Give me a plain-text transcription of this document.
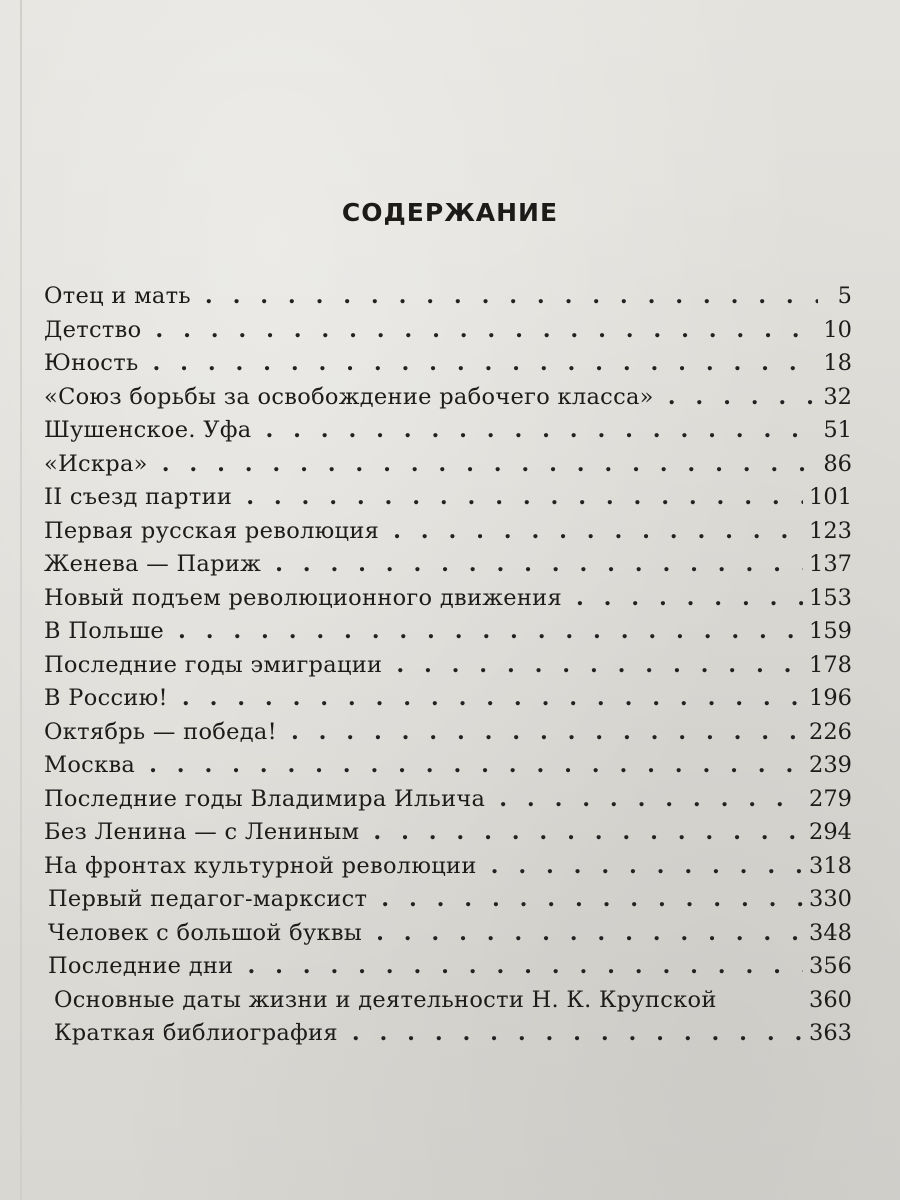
СОДЕРЖАНИЕ
Отец и мать . . .	5
Детство . . .	10
Юность . . .	18
«Союз борьбы за освобождение рабочего класса» . . .	32
Шушенское. Уфа . . .	51
«Искра» . . .	86
II съезд партии . . .	101
Первая русская революция . . .	123
Женева — Париж . . .	137
Новый подъем революционного движения . . .	153
В Польше . . .	159
Последние годы эмиграции . . .	178
В Россию! . . .	196
Октябрь — победа! . . .	226
Москва . . .	239
Последние годы Владимира Ильича . . .	279
Без Ленина — с Лениным . . .	294
На фронтах культурной революции . . .	318
Первый педагог-марксист . . .	330
Человек с большой буквы . . .	348
Последние дни . . .	356
Основные даты жизни и деятельности Н. К. Крупской	360
Краткая библиография . . .	363
